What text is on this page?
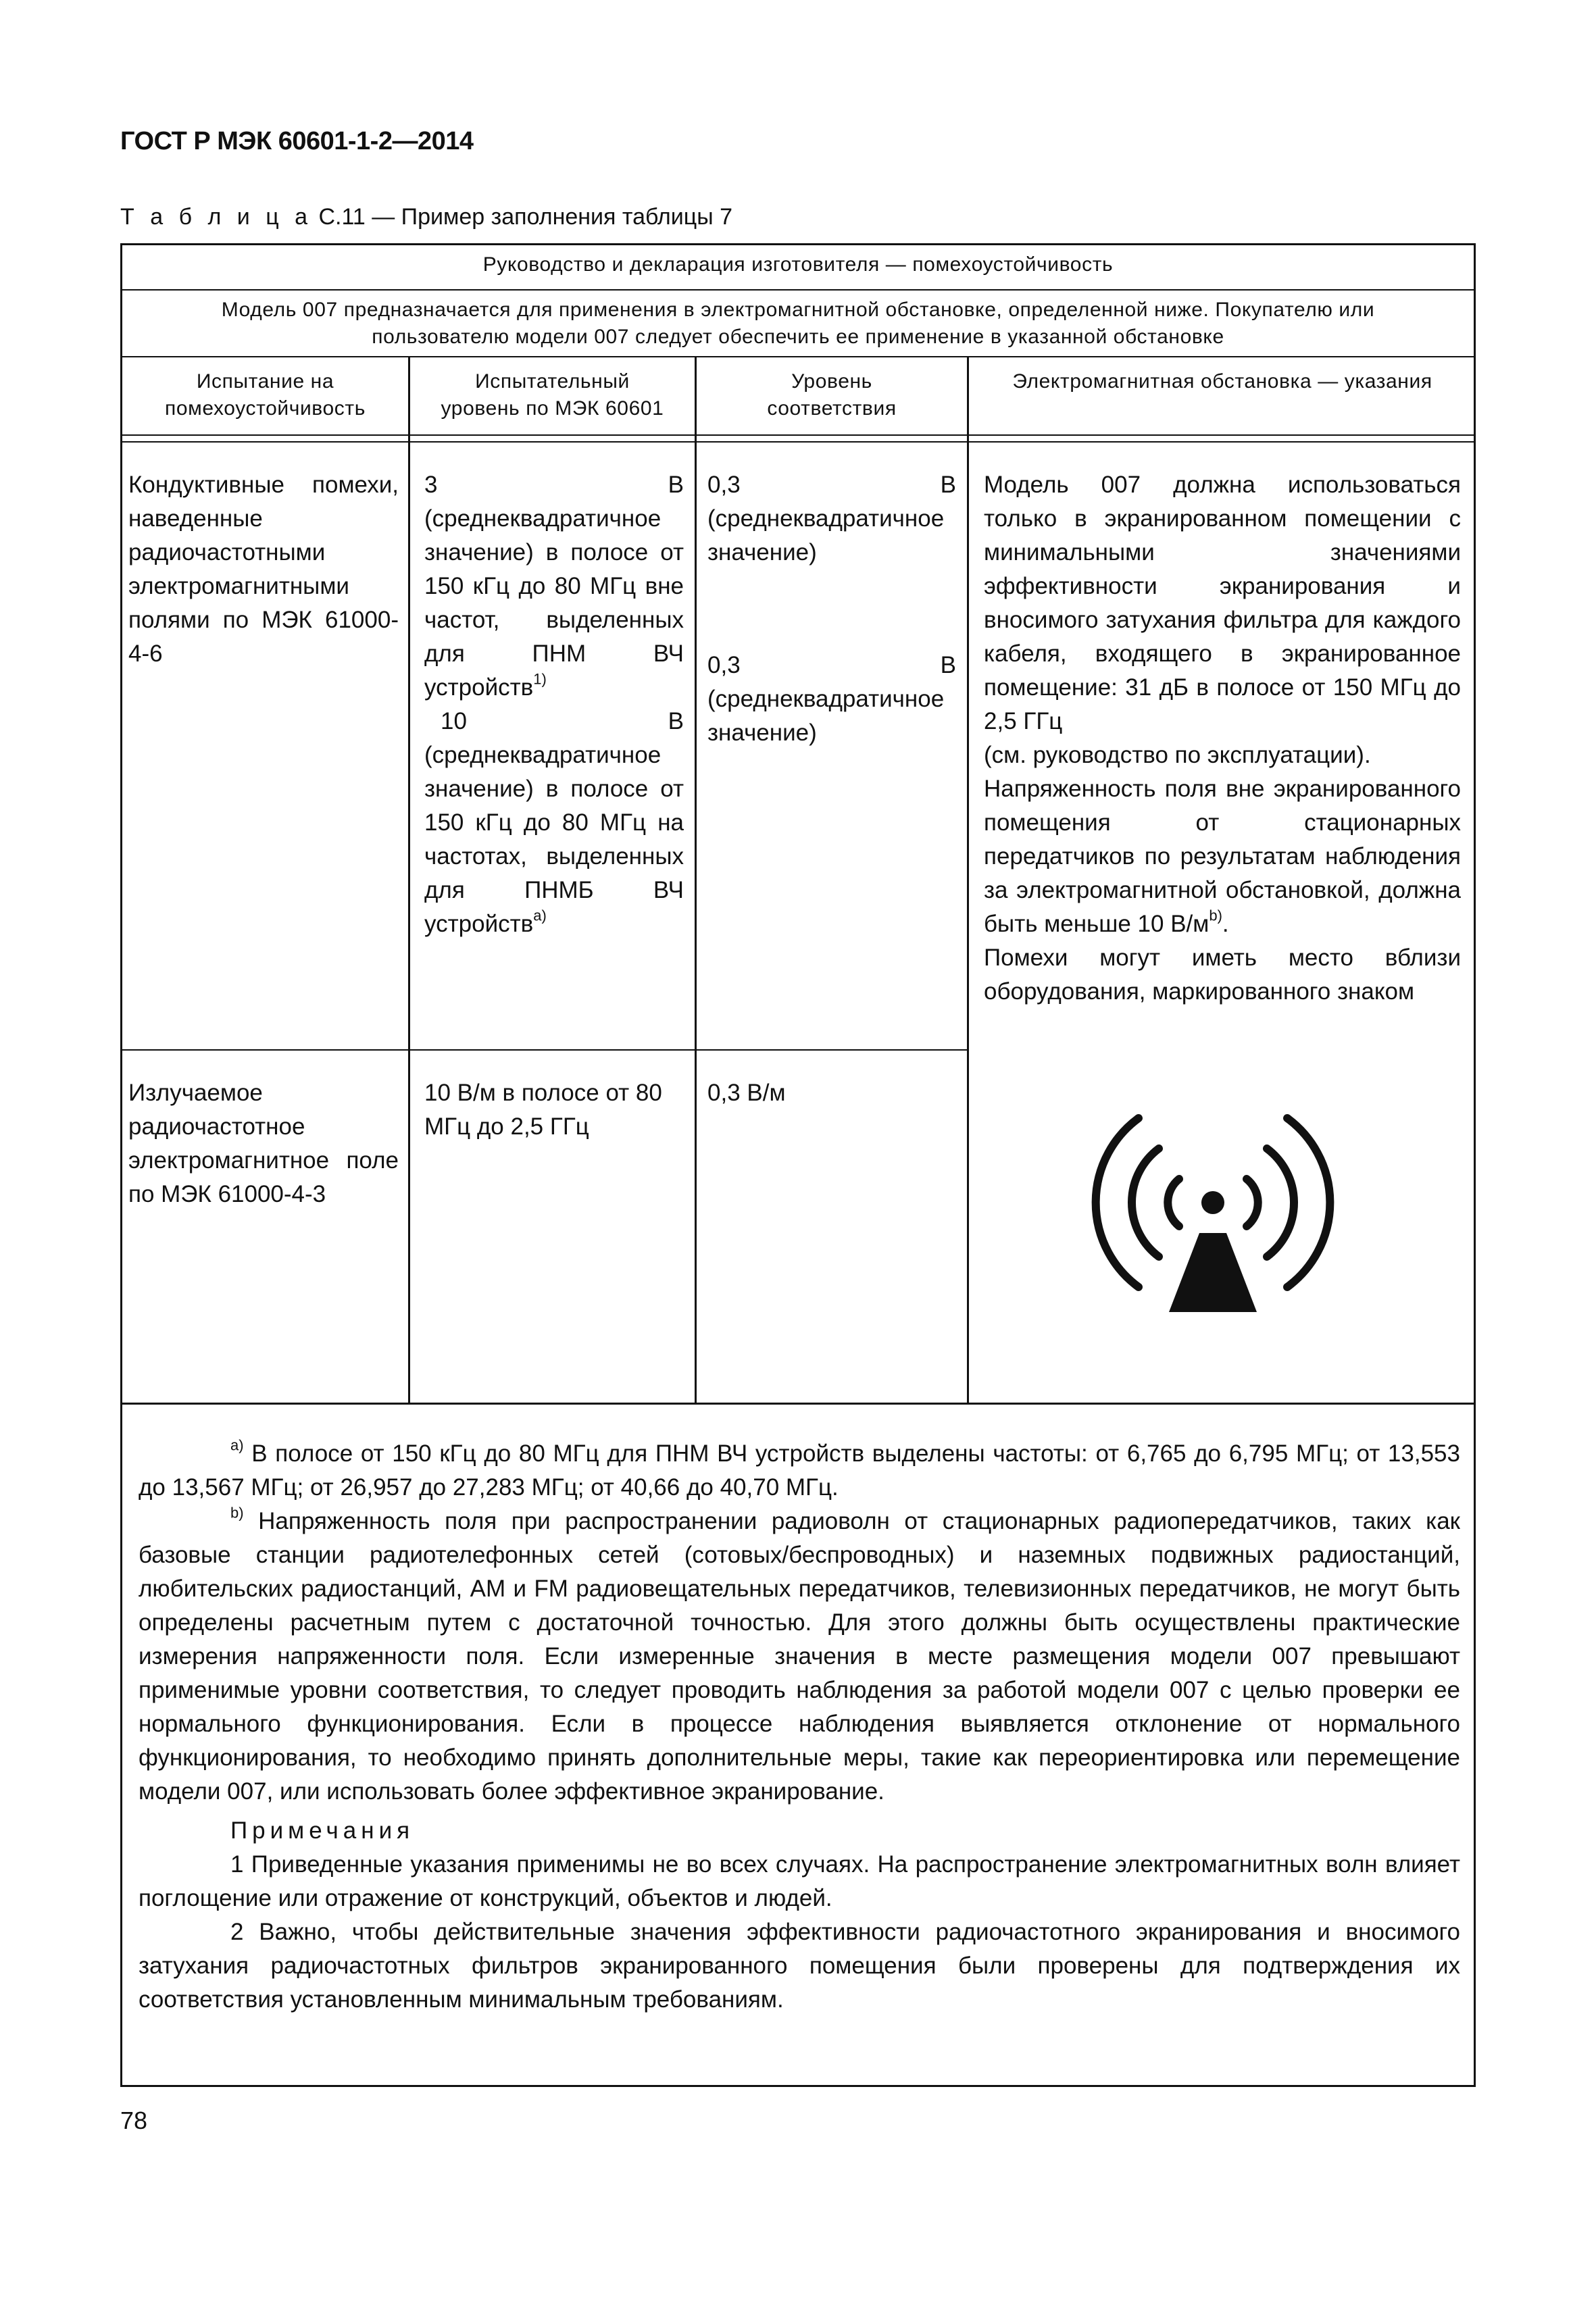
ГОСТ Р МЭК 60601-1-2—2014
Т а б л и ц а С.11 — Пример заполнения таблицы 7
Руководство и декларация изготовителя — помехоустойчивость
Модель 007 предназначается для применения в электромагнитной обстановке, определенной ниже. Покупателю или
пользователю модели 007 следует обеспечить ее применение в указанной обстановке
Испытание на
помехоустойчивость
Испытательный
уровень по МЭК 60601
Уровень
соответствия
Электромагнитная обстановка — указания
Кондуктивные помехи, наведенные радиочастотными электромагнитными полями по МЭК 61000-4-6
3 В (среднеквадратичное значение) в полосе от 150 кГц до 80 МГц вне частот, выделенных для ПНМ ВЧ устройств$^{1)}$
10 В (среднеквадратичное значение) в полосе от 150 кГц до 80 МГц на частотах, выделенных для ПНМБ ВЧ устройств$^{a)}$
0,3 В (среднеквадратичное значение)
0,3 В (среднеквадратичное значение)
Модель 007 должна использоваться только в экранированном помещении с минимальными значениями эффективности экранирования и вносимого затухания фильтра для каждого кабеля, входящего в экранированное помещение: 31 дБ в полосе от 150 МГц до 2,5 ГГц
(см. руководство по эксплуатации).
Напряженность поля вне экранированного помещения от стационарных передатчиков по результатам наблюдения за электромагнитной обстановкой, должна быть меньше 10 $В/м^{b)}$.
Помехи могут иметь место вблизи оборудования, маркированного знаком
Излучаемое радиочастотное электромагнитное поле по МЭК 61000-4-3
10 В/м в полосе от 80 МГц до 2,5 ГГц
0,3 В/м

$^{a)}$ В полосе от 150 кГц до 80 МГц для ПНМ ВЧ устройств выделены частоты: от 6,765 до 6,795 МГц; от 13,553 до 13,567 МГц; от 26,957 до 27,283 МГц; от 40,66 до 40,70 МГц.

$^{b)}$ Напряженность поля при распространении радиоволн от стационарных радиопередатчиков, таких как базовые станции радиотелефонных сетей (сотовых/беспроводных) и наземных подвижных радиостанций, любительских радиостанций, АМ и FM радиовещательных передатчиков, телевизионных передатчиков, не могут быть определены расчетным путем с достаточной точностью. Для этого должны быть осуществлены практические измерения напряженности поля. Если измеренные значения в месте размещения модели 007 превышают применимые уровни соответствия, то следует проводить наблюдения за работой модели 007 с целью проверки ее нормального функционирования. Если в процессе наблюдения выявляется отклонение от нормального функционирования, то необходимо принять дополнительные меры, такие как переориентировка или перемещение модели 007, или использовать более эффективное экранирование.

Примечания

1 Приведенные указания применимы не во всех случаях. На распространение электромагнитных волн влияет поглощение или отражение от конструкций, объектов и людей.

2 Важно, чтобы действительные значения эффективности радиочастотного экранирования и вносимого затухания радиочастотных фильтров экранированного помещения были проверены для подтверждения их соответствия установленным минимальным требованиям.

78
